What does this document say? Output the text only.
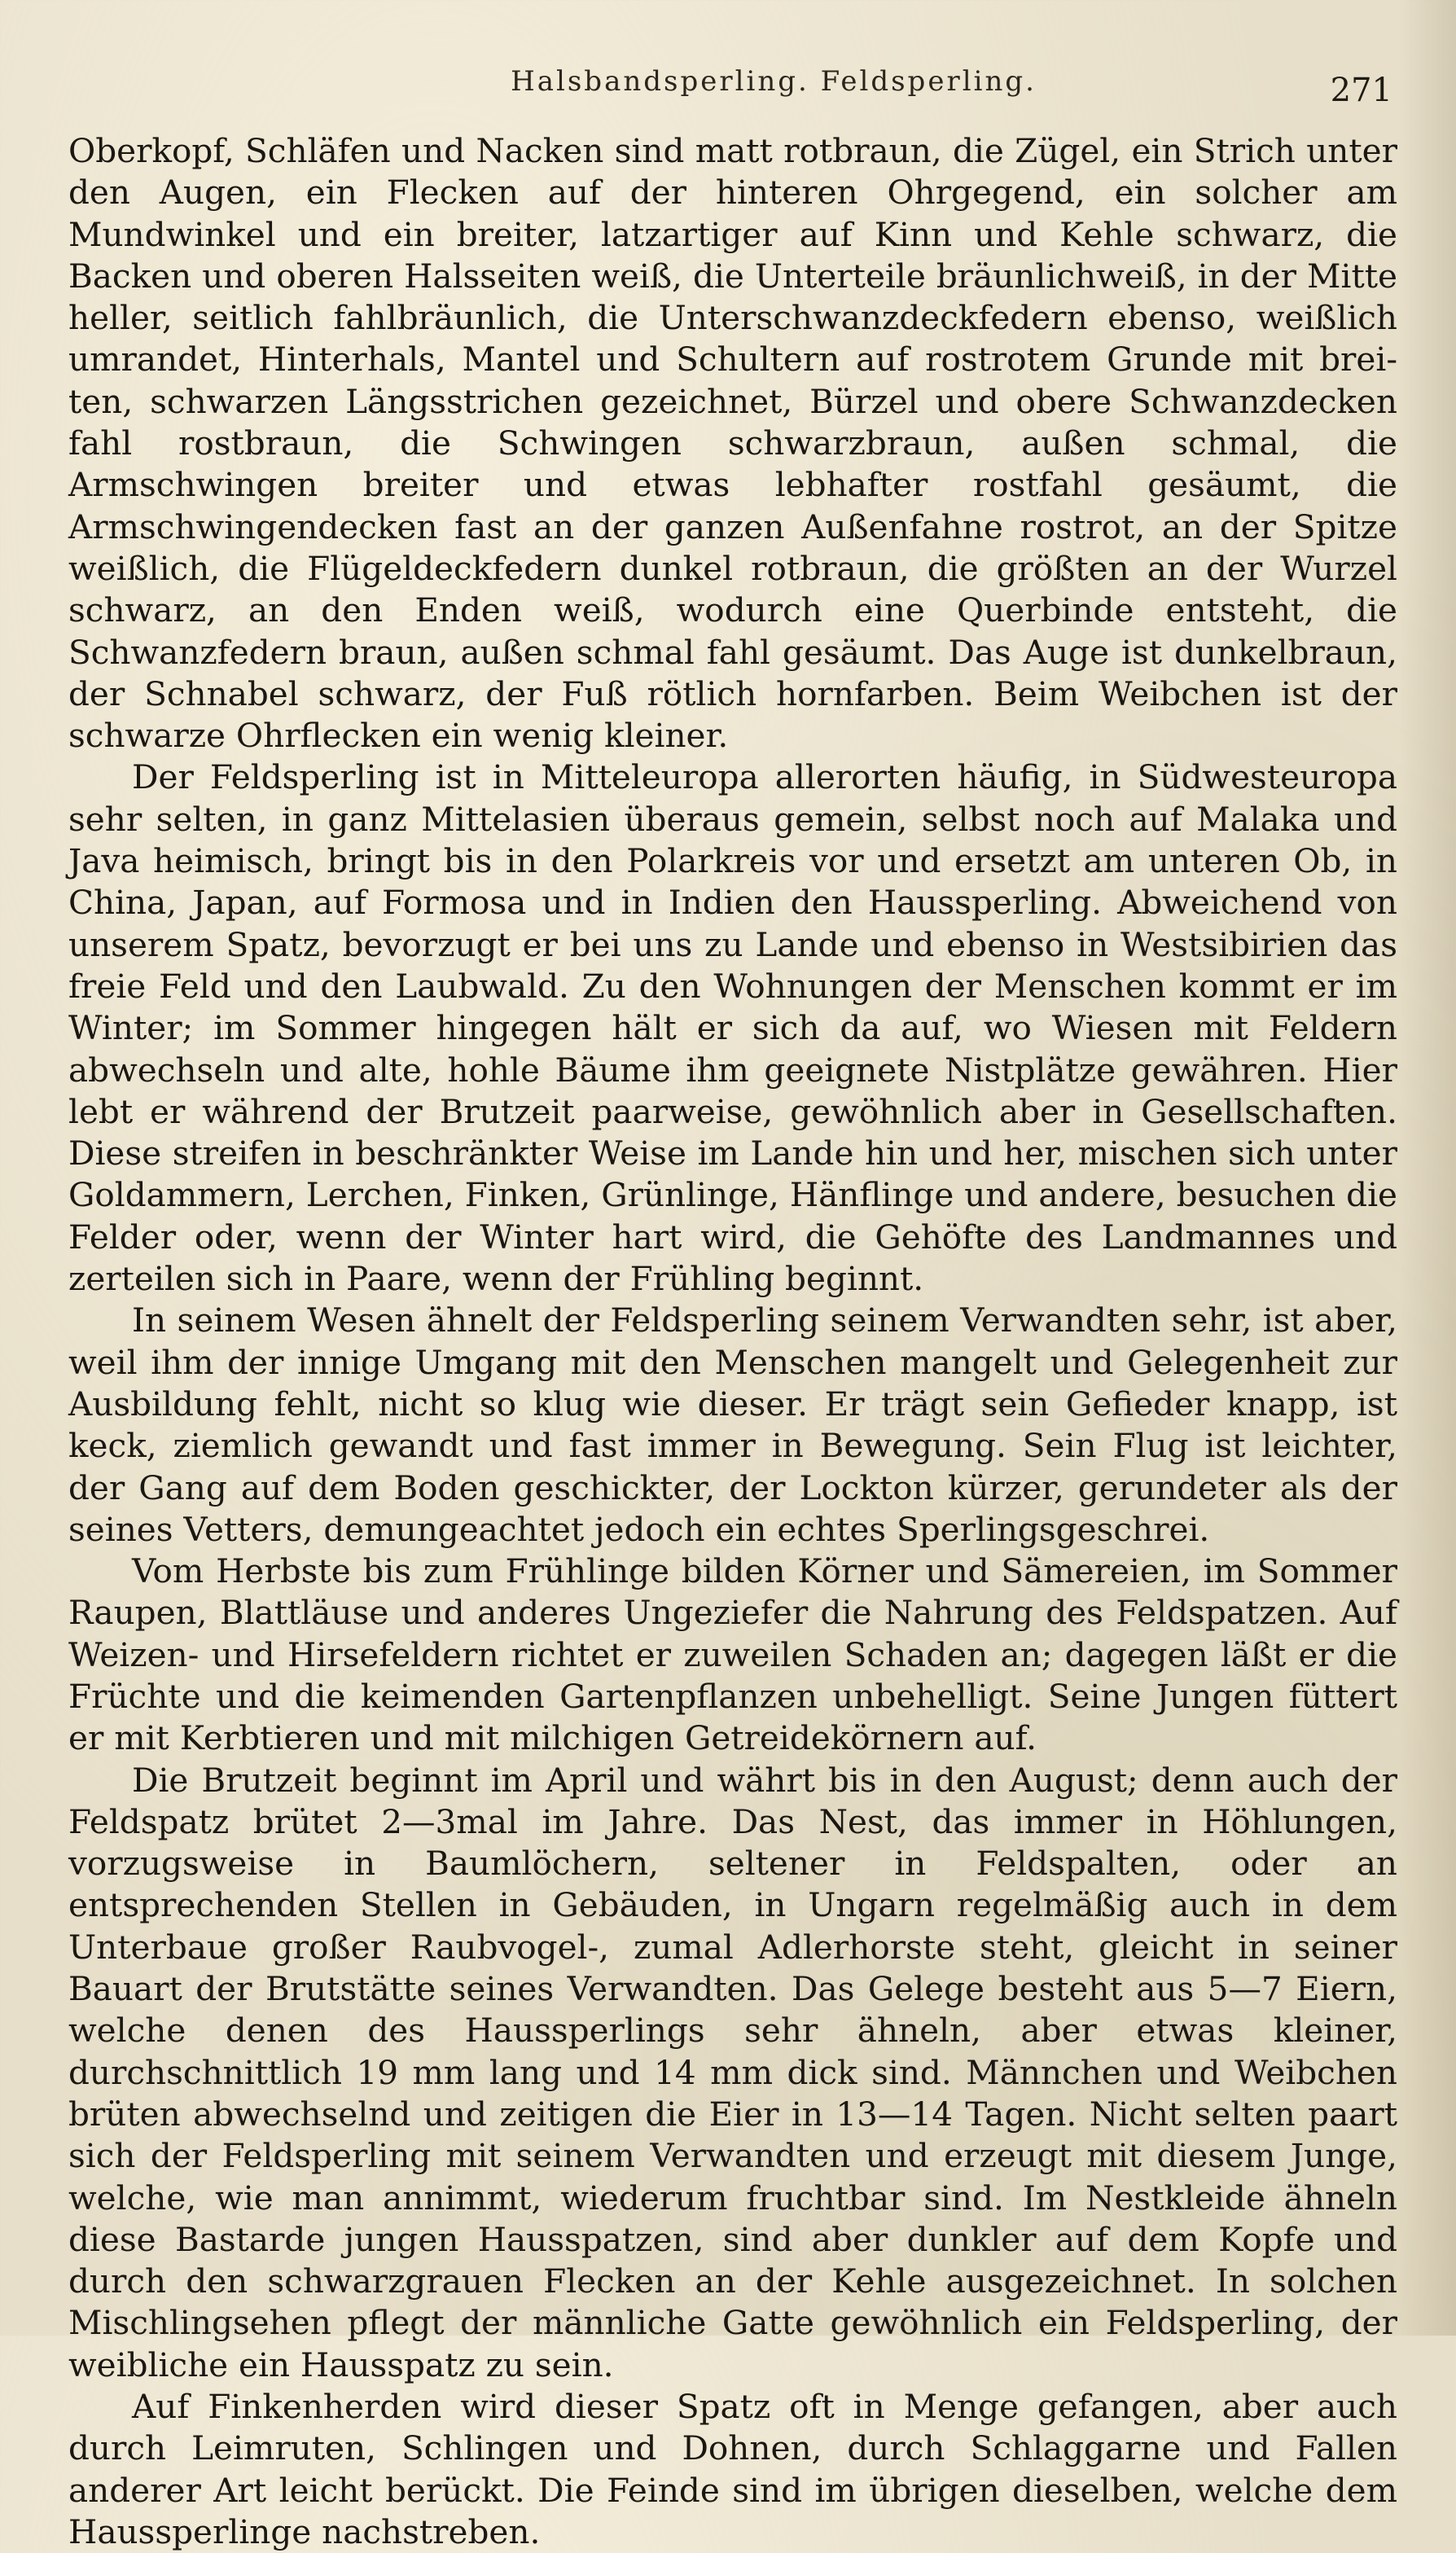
Halsbandsperling. Feldsperling.	271

Oberkopf, Schläfen und Nacken sind matt rotbraun, die Zügel, ein Strich unter den Augen, ein Flecken auf der hinteren Ohrgegend, ein solcher am Mundwinkel und ein breiter, latzartiger auf Kinn und Kehle schwarz, die Backen und oberen Halsseiten weiß, die Unterteile bräunlichweiß, in der Mitte heller, seitlich fahlbräunlich, die Unterschwanzdeckfedern ebenso, weißlich umrandet, Hinterhals, Mantel und Schultern auf rostrotem Grunde mit breiten, schwarzen Längsstrichen gezeichnet, Bürzel und obere Schwanzdecken fahl rostbraun, die Schwingen schwarzbraun, außen schmal, die Armschwingen breiter und etwas lebhafter rostfahl gesäumt, die Armschwingendecken fast an der ganzen Außenfahne rostrot, an der Spitze weißlich, die Flügeldeckfedern dunkel rotbraun, die größten an der Wurzel schwarz, an den Enden weiß, wodurch eine Querbinde entsteht, die Schwanzfedern braun, außen schmal fahl gesäumt. Das Auge ist dunkelbraun, der Schnabel schwarz, der Fuß rötlich hornfarben. Beim Weibchen ist der schwarze Ohrflecken ein wenig kleiner.

Der Feldsperling ist in Mitteleuropa allerorten häufig, in Südwesteuropa sehr selten, in ganz Mittelasien überaus gemein, selbst noch auf Malaka und Java heimisch, bringt bis in den Polarkreis vor und ersetzt am unteren Ob, in China, Japan, auf Formosa und in Indien den Haussperling. Abweichend von unserem Spatz, bevorzugt er bei uns zu Lande und ebenso in Westsibirien das freie Feld und den Laubwald. Zu den Wohnungen der Menschen kommt er im Winter; im Sommer hingegen hält er sich da auf, wo Wiesen mit Feldern abwechseln und alte, hohle Bäume ihm geeignete Nistplätze gewähren. Hier lebt er während der Brutzeit paarweise, gewöhnlich aber in Gesellschaften. Diese streifen in beschränkter Weise im Lande hin und her, mischen sich unter Goldammern, Lerchen, Finken, Grünlinge, Hänflinge und andere, besuchen die Felder oder, wenn der Winter hart wird, die Gehöfte des Landmannes und zerteilen sich in Paare, wenn der Frühling beginnt.

In seinem Wesen ähnelt der Feldsperling seinem Verwandten sehr, ist aber, weil ihm der innige Umgang mit den Menschen mangelt und Gelegenheit zur Ausbildung fehlt, nicht so klug wie dieser. Er trägt sein Gefieder knapp, ist keck, ziemlich gewandt und fast immer in Bewegung. Sein Flug ist leichter, der Gang auf dem Boden geschickter, der Lockton kürzer, gerundeter als der seines Vetters, demungeachtet jedoch ein echtes Sperlingsgeschrei.

Vom Herbste bis zum Frühlinge bilden Körner und Sämereien, im Sommer Raupen, Blattläuse und anderes Ungeziefer die Nahrung des Feldspatzen. Auf Weizen- und Hirsefeldern richtet er zuweilen Schaden an; dagegen läßt er die Früchte und die keimenden Gartenpflanzen unbehelligt. Seine Jungen füttert er mit Kerbtieren und mit milchigen Getreidekörnern auf.

Die Brutzeit beginnt im April und währt bis in den August; denn auch der Feldspatz brütet 2—3mal im Jahre. Das Nest, das immer in Höhlungen, vorzugsweise in Baumlöchern, seltener in Feldspalten, oder an entsprechenden Stellen in Gebäuden, in Ungarn regelmäßig auch in dem Unterbaue großer Raubvogel-, zumal Adlerhorste steht, gleicht in seiner Bauart der Brutstätte seines Verwandten. Das Gelege besteht aus 5—7 Eiern, welche denen des Haussperlings sehr ähneln, aber etwas kleiner, durchschnittlich 19 mm lang und 14 mm dick sind. Männchen und Weibchen brüten abwechselnd und zeitigen die Eier in 13—14 Tagen. Nicht selten paart sich der Feldsperling mit seinem Verwandten und erzeugt mit diesem Junge, welche, wie man annimmt, wiederum fruchtbar sind. Im Nestkleide ähneln diese Bastarde jungen Hausspatzen, sind aber dunkler auf dem Kopfe und durch den schwarzgrauen Flecken an der Kehle ausgezeichnet. In solchen Mischlingsehen pflegt der männliche Gatte gewöhnlich ein Feldsperling, der weibliche ein Hausspatz zu sein.

Auf Finkenherden wird dieser Spatz oft in Menge gefangen, aber auch durch Leimruten, Schlingen und Dohnen, durch Schlaggarne und Fallen anderer Art leicht berückt. Die Feinde sind im übrigen dieselben, welche dem Haussperlinge nachstreben.
